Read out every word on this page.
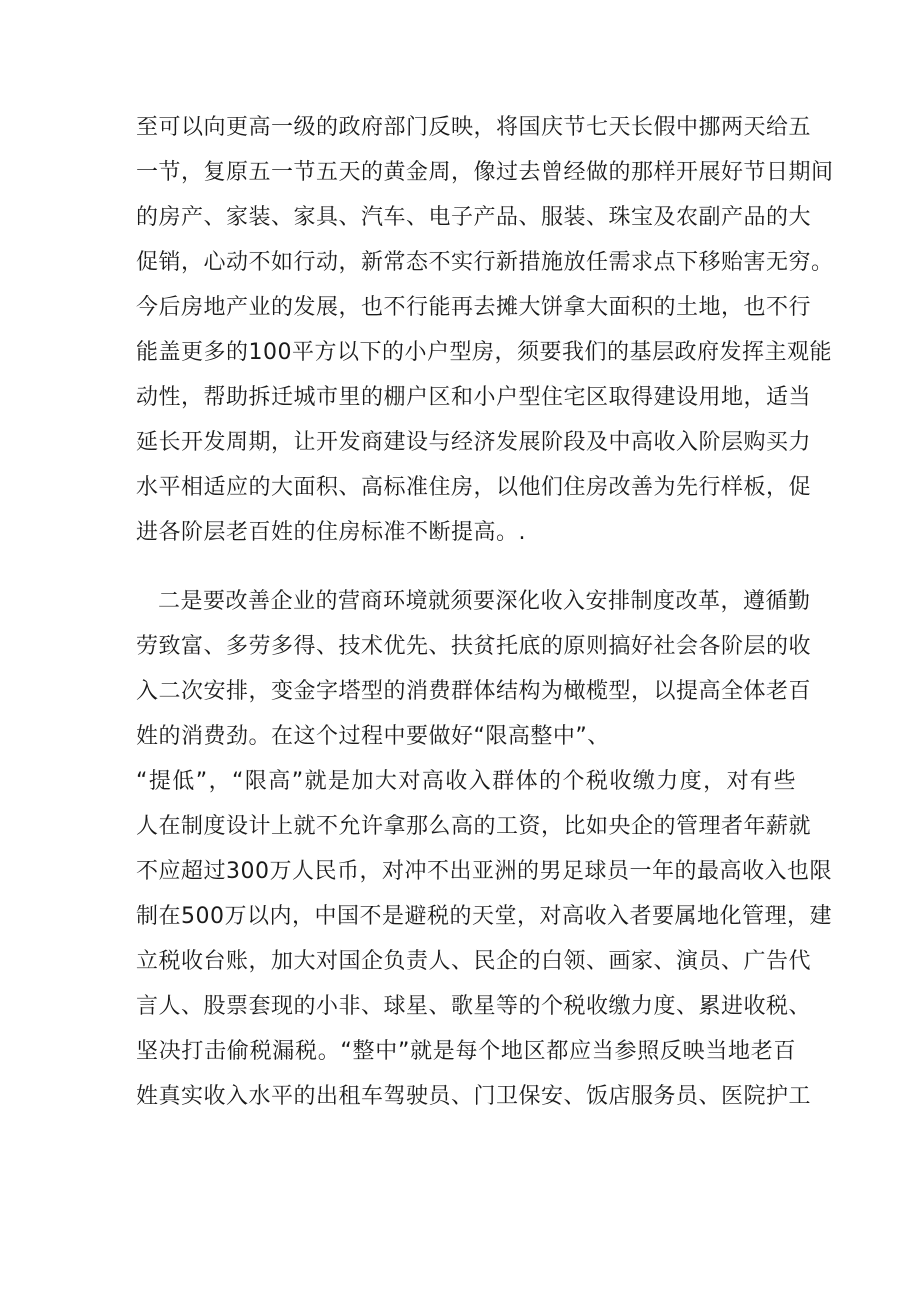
至可以向更高一级的政府部门反映，将国庆节七天长假中挪两天给五
一节，复原五一节五天的黄金周，像过去曾经做的那样开展好节日期间
的房产、家装、家具、汽车、电子产品、服装、珠宝及农副产品的大
促销，心动不如行动，新常态不实行新措施放任需求点下移贻害无穷。
今后房地产业的发展，也不行能再去摊大饼拿大面积的土地，也不行
能盖更多的100平方以下的小户型房，须要我们的基层政府发挥主观能
动性，帮助拆迁城市里的棚户区和小户型住宅区取得建设用地，适当
延长开发周期，让开发商建设与经济发展阶段及中高收入阶层购买力
水平相适应的大面积、高标准住房，以他们住房改善为先行样板，促
进各阶层老百姓的住房标准不断提高。.
二是要改善企业的营商环境就须要深化收入安排制度改革，遵循勤
劳致富、多劳多得、技术优先、扶贫托底的原则搞好社会各阶层的收
入二次安排，变金字塔型的消费群体结构为橄榄型，以提高全体老百
姓的消费劲。在这个过程中要做好“限高整中”、
“提低”，“限高”就是加大对高收入群体的个税收缴力度，对有些
人在制度设计上就不允许拿那么高的工资，比如央企的管理者年薪就
不应超过300万人民币，对冲不出亚洲的男足球员一年的最高收入也限
制在500万以内，中国不是避税的天堂，对高收入者要属地化管理，建
立税收台账，加大对国企负责人、民企的白领、画家、演员、广告代
言人、股票套现的小非、球星、歌星等的个税收缴力度、累进收税、
坚决打击偷税漏税。“整中”就是每个地区都应当参照反映当地老百
姓真实收入水平的出租车驾驶员、门卫保安、饭店服务员、医院护工
